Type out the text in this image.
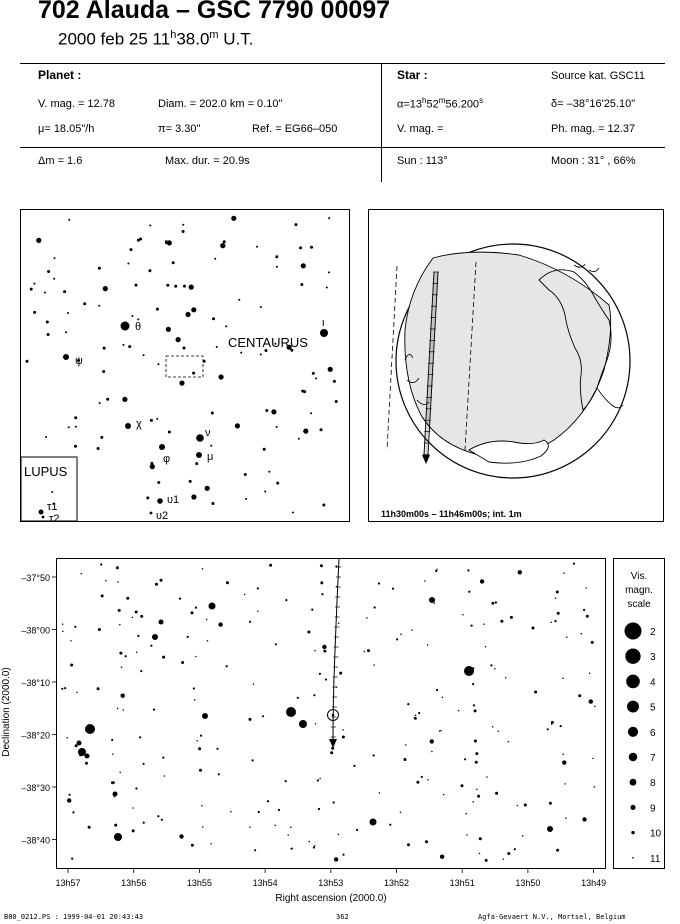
702 Alauda – GSC 7790 00097
2000 feb 25 11$^h$38.0$^m$ U.T.
Planet :
V. mag. = 12.78	Diam. = 202.0 km = 0.10"
μ= 18.05"/h	π= 3.30"	Ref. = EG66–050
Star :	Source kat. GSC11
$\alpha=13^h52^m56.200^s$	δ= –38°16'25.10"
V. mag. =	Ph. mag. = 12.37
Δm = 1.6	Max. dur. = 20.9s	Sun : 113°	Moon : 31° , 66%
CENTAURUS
LUPUS
θ	ι
ψ
χ
ν
φ	μ
υ1
υ2
τ1
τ2	11h30m00s – 11h46m00s; int. 1m
–37°50
–38°00
–38°10
–38°20
–38°30
–38°40
13h57	13h56	13h55	13h54	13h53	13h52	13h51	13h50	13h49
Declination (2000.0)
Right ascension (2000.0)
Vis.
magn.
scale
2
3
4
5
6
7
8
9
10
11
B00_0212.PS : 1999-04-01 20:43:43	362	Agfa-Gevaert N.V., Mortsel, Belgium
